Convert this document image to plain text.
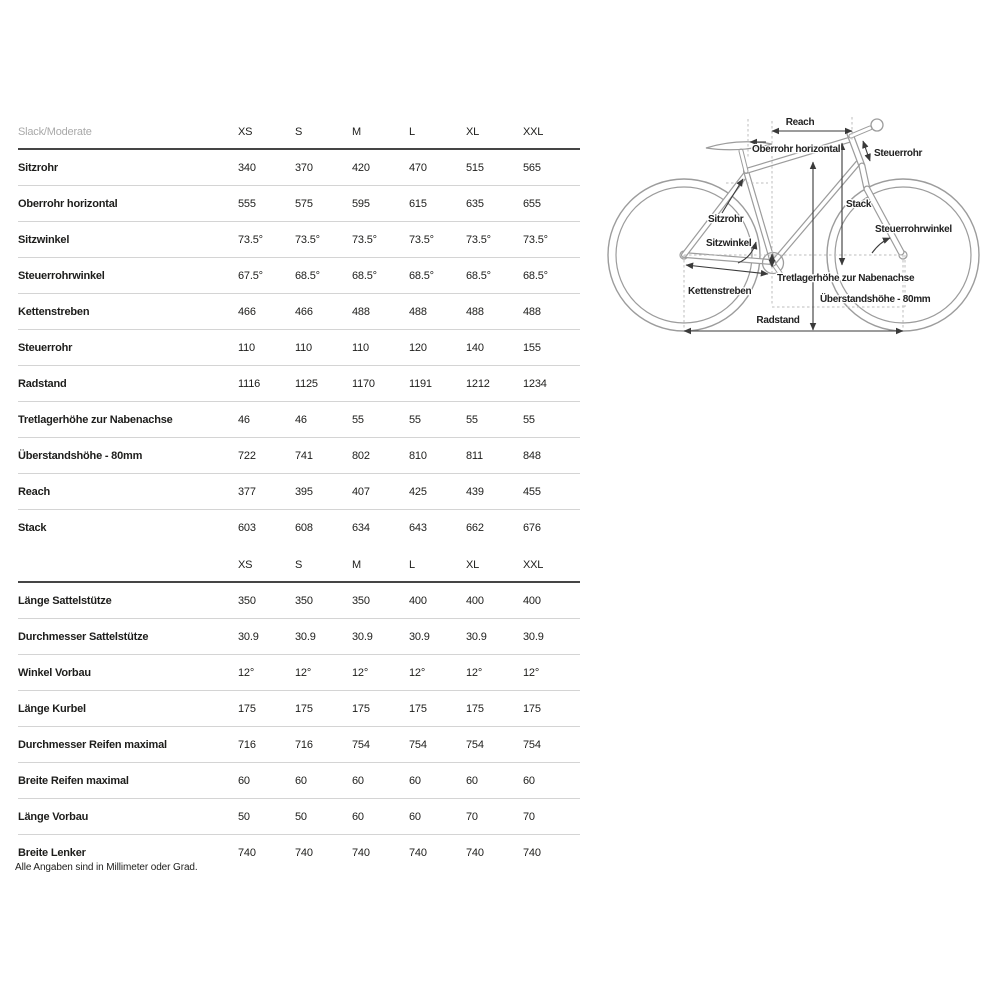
Slack/Moderate	XS	S	M	L	XL	XXL
Sitzrohr	340	370	420	470	515	565
Oberrohr horizontal	555	575	595	615	635	655
Sitzwinkel	73.5°	73.5°	73.5°	73.5°	73.5°	73.5°
Steuerrohrwinkel	67.5°	68.5°	68.5°	68.5°	68.5°	68.5°
Kettenstreben	466	466	488	488	488	488
Steuerrohr	110	110	110	120	140	155
Radstand	1116	1125	1170	1191	1212	1234
Tretlagerhöhe zur Nabenachse	46	46	55	55	55	55
Überstandshöhe - 80mm	722	741	802	810	811	848
Reach	377	395	407	425	439	455
Stack	603	608	634	643	662	676
XS	S	M	L	XL	XXL
Länge Sattelstütze	350	350	350	400	400	400
Durchmesser Sattelstütze	30.9	30.9	30.9	30.9	30.9	30.9
Winkel Vorbau	12°	12°	12°	12°	12°	12°
Länge Kurbel	175	175	175	175	175	175
Durchmesser Reifen maximal	716	716	754	754	754	754
Breite Reifen maximal	60	60	60	60	60	60
Länge Vorbau	50	50	60	60	70	70
Breite Lenker	740	740	740	740	740	740
Reach
Oberrohr horizontal	Steuerrohr
Sitzrohr
Sitzwinkel
Stack
Steuerrohrwinkel
Tretlagerhöhe zur Nabenachse
Kettenstreben
Überstandshöhe - 80mm
Radstand
Alle Angaben sind in Millimeter oder Grad.
